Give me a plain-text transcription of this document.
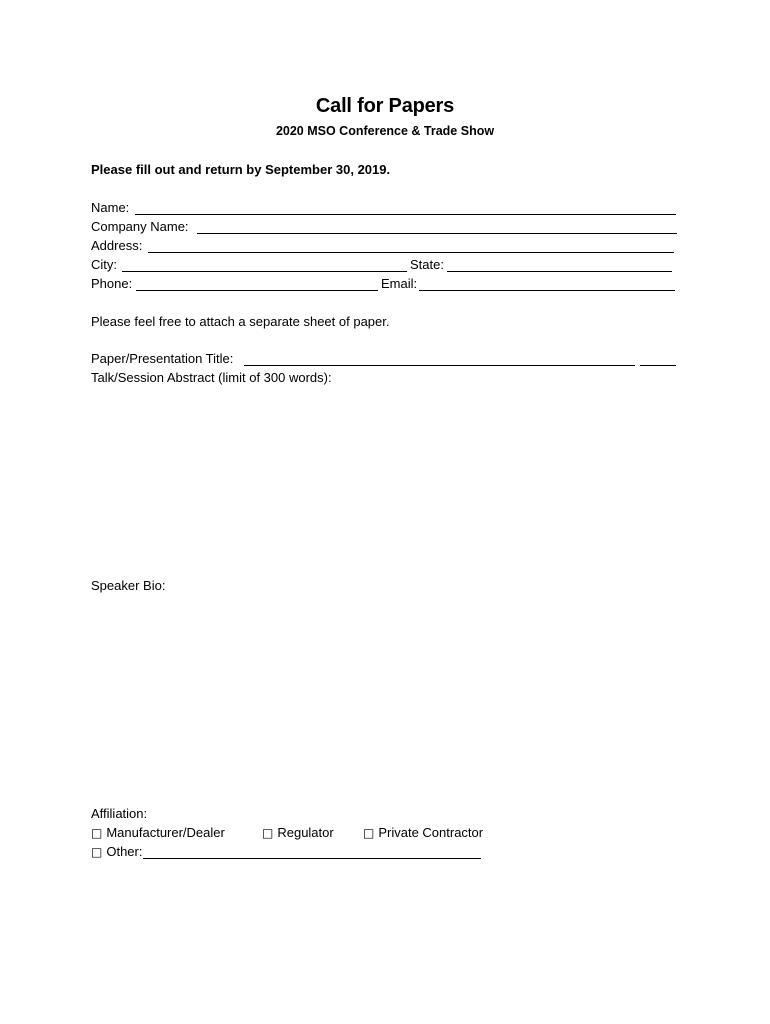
Call for Papers
2020 MSO Conference & Trade Show
Please fill out and return by September 30, 2019.
Name:
Company Name:
Address:
City:	State:
Phone:	Email:
Please feel free to attach a separate sheet of paper.
Paper/Presentation Title:
Talk/Session Abstract (limit of 300 words):
Speaker Bio:
Affiliation:
□ Manufacturer/Dealer	□ Regulator □ Private Contractor
□ Other:
